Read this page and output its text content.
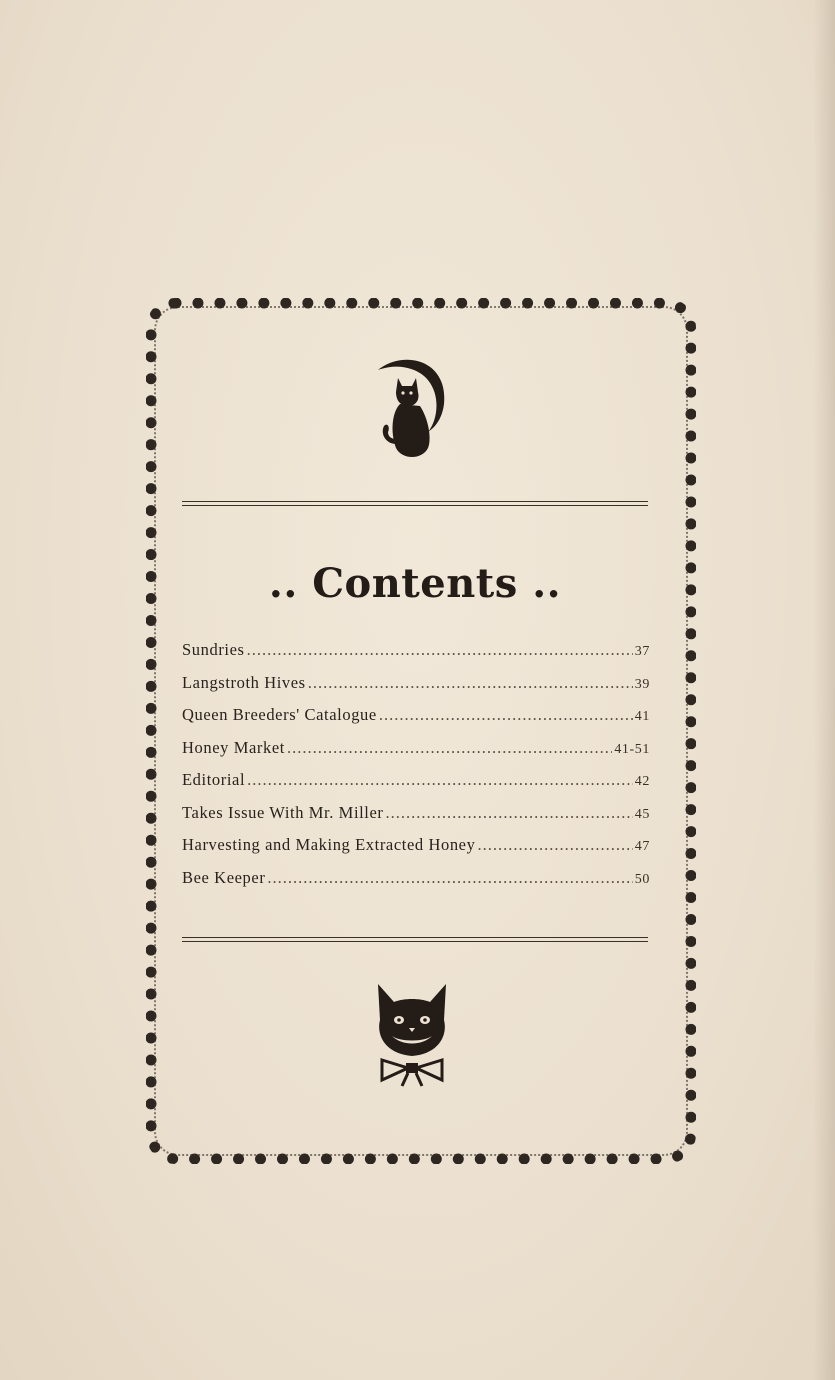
.. Contents ..
Sundries .....	37
Langstroth Hives .....	39
Queen Breeders' Catalogue .....	41
Honey Market .....	41-51
Editorial .....	42
Takes Issue With Mr. Miller .....	45
Harvesting and Making Extracted Honey .....	47
Bee Keeper .....	50
